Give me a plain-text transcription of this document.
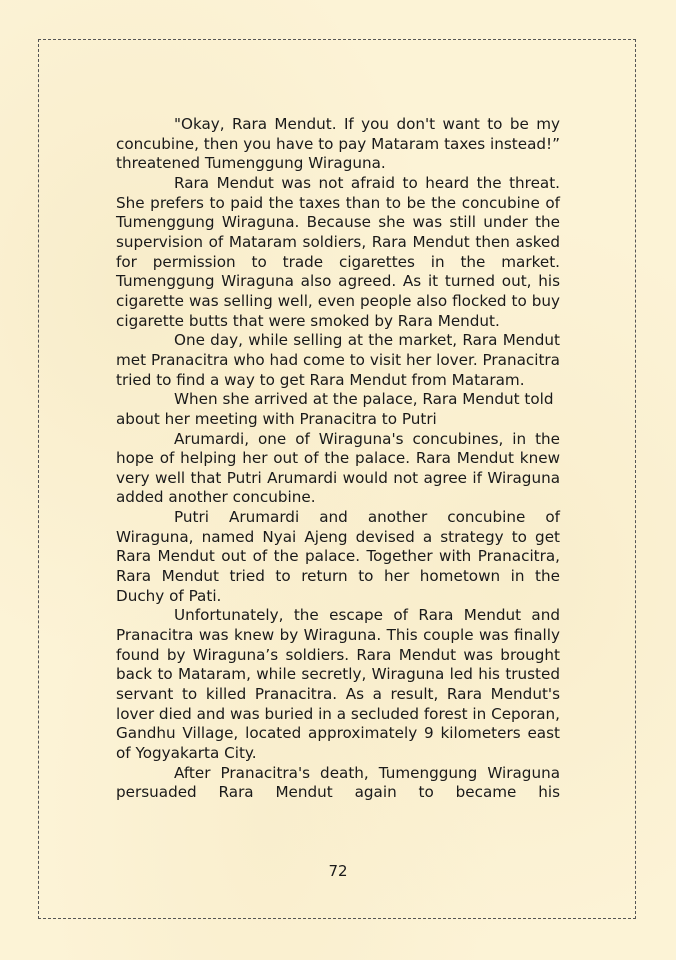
"Okay, Rara Mendut. If you don't want to be my concubine, then you have to pay Mataram taxes instead!” threatened Tumenggung Wiraguna.

Rara Mendut was not afraid to heard the threat. She prefers to paid the taxes than to be the concubine of Tumenggung Wiraguna. Because she was still under the supervision of Mataram soldiers, Rara Mendut then asked for permission to trade cigarettes in the market. Tumenggung Wiraguna also agreed. As it turned out, his cigarette was selling well, even people also flocked to buy cigarette butts that were smoked by Rara Mendut.

One day, while selling at the market, Rara Mendut met Pranacitra who had come to visit her lover. Pranacitra tried to find a way to get Rara Mendut from Mataram.

When she arrived at the palace, Rara Mendut told about her meeting with Pranacitra to Putri

Arumardi, one of Wiraguna's concubines, in the hope of helping her out of the palace. Rara Mendut knew very well that Putri Arumardi would not agree if Wiraguna added another concubine.

Putri Arumardi and another concubine of Wiraguna, named Nyai Ajeng devised a strategy to get Rara Mendut out of the palace. Together with Pranacitra, Rara Mendut tried to return to her hometown in the Duchy of Pati.

Unfortunately, the escape of Rara Mendut and Pranacitra was knew by Wiraguna. This couple was finally found by Wiraguna’s soldiers. Rara Mendut was brought back to Mataram, while secretly, Wiraguna led his trusted servant to killed Pranacitra. As a result, Rara Mendut's lover died and was buried in a secluded forest in Ceporan, Gandhu Village, located approximately 9 kilometers east of Yogyakarta City.

After Pranacitra's death, Tumenggung Wiraguna persuaded Rara Mendut again to became his

72
